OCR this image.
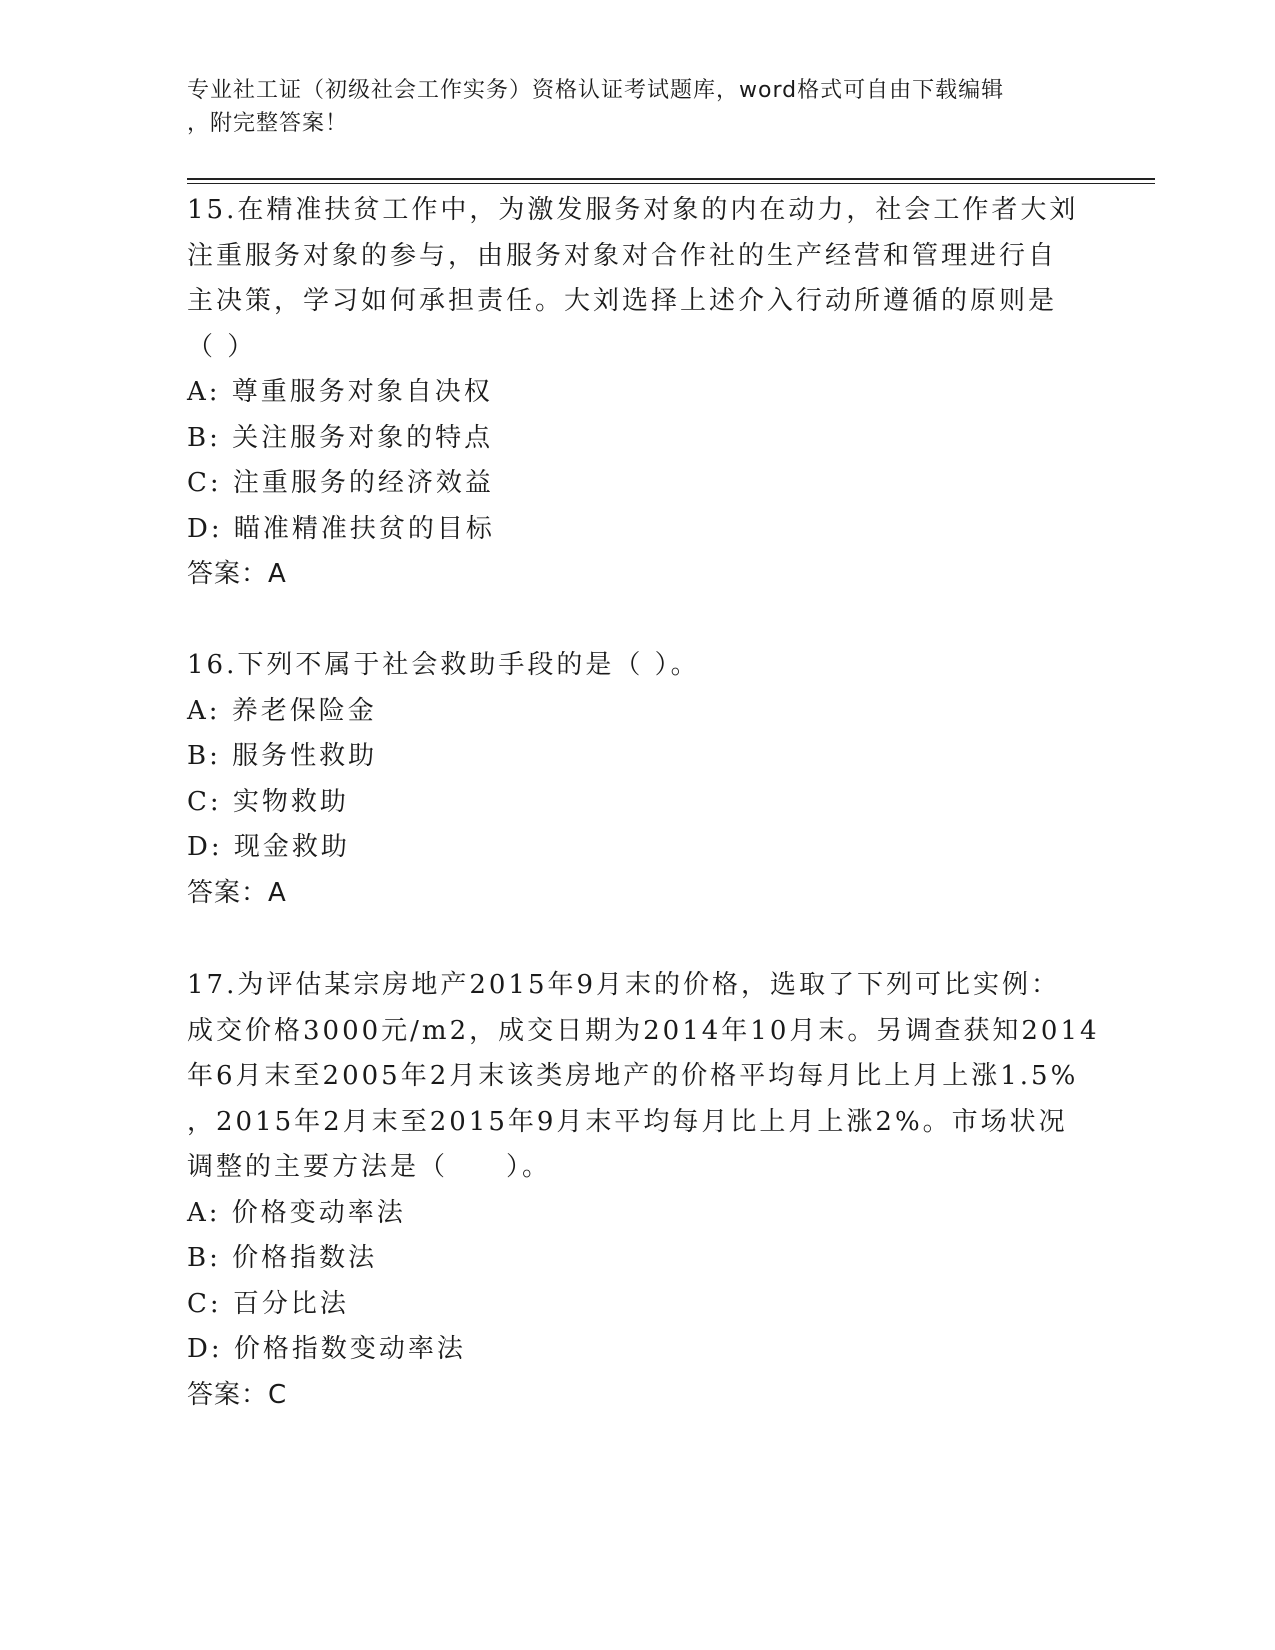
专业社工证（初级社会工作实务）资格认证考试题库，word格式可自由下载编辑
，附完整答案！
15.在精准扶贫工作中，为激发服务对象的内在动力，社会工作者大刘
注重服务对象的参与，由服务对象对合作社的生产经营和管理进行自
主决策，学习如何承担责任。大刘选择上述介入行动所遵循的原则是
（ ）
A: 尊重服务对象自决权
B: 关注服务对象的特点
C: 注重服务的经济效益
D: 瞄准精准扶贫的目标
答案：A
16.下列不属于社会救助手段的是（ ）。
A: 养老保险金
B: 服务性救助
C: 实物救助
D: 现金救助
答案：A
17.为评估某宗房地产2015年9月末的价格，选取了下列可比实例：
成交价格3000元/m2，成交日期为2014年10月末。另调查获知2014
年6月末至2005年2月末该类房地产的价格平均每月比上月上涨1.5%
，2015年2月末至2015年9月末平均每月比上月上涨2%。市场状况
调整的主要方法是（　　）。
A: 价格变动率法
B: 价格指数法
C: 百分比法
D: 价格指数变动率法
答案：C
